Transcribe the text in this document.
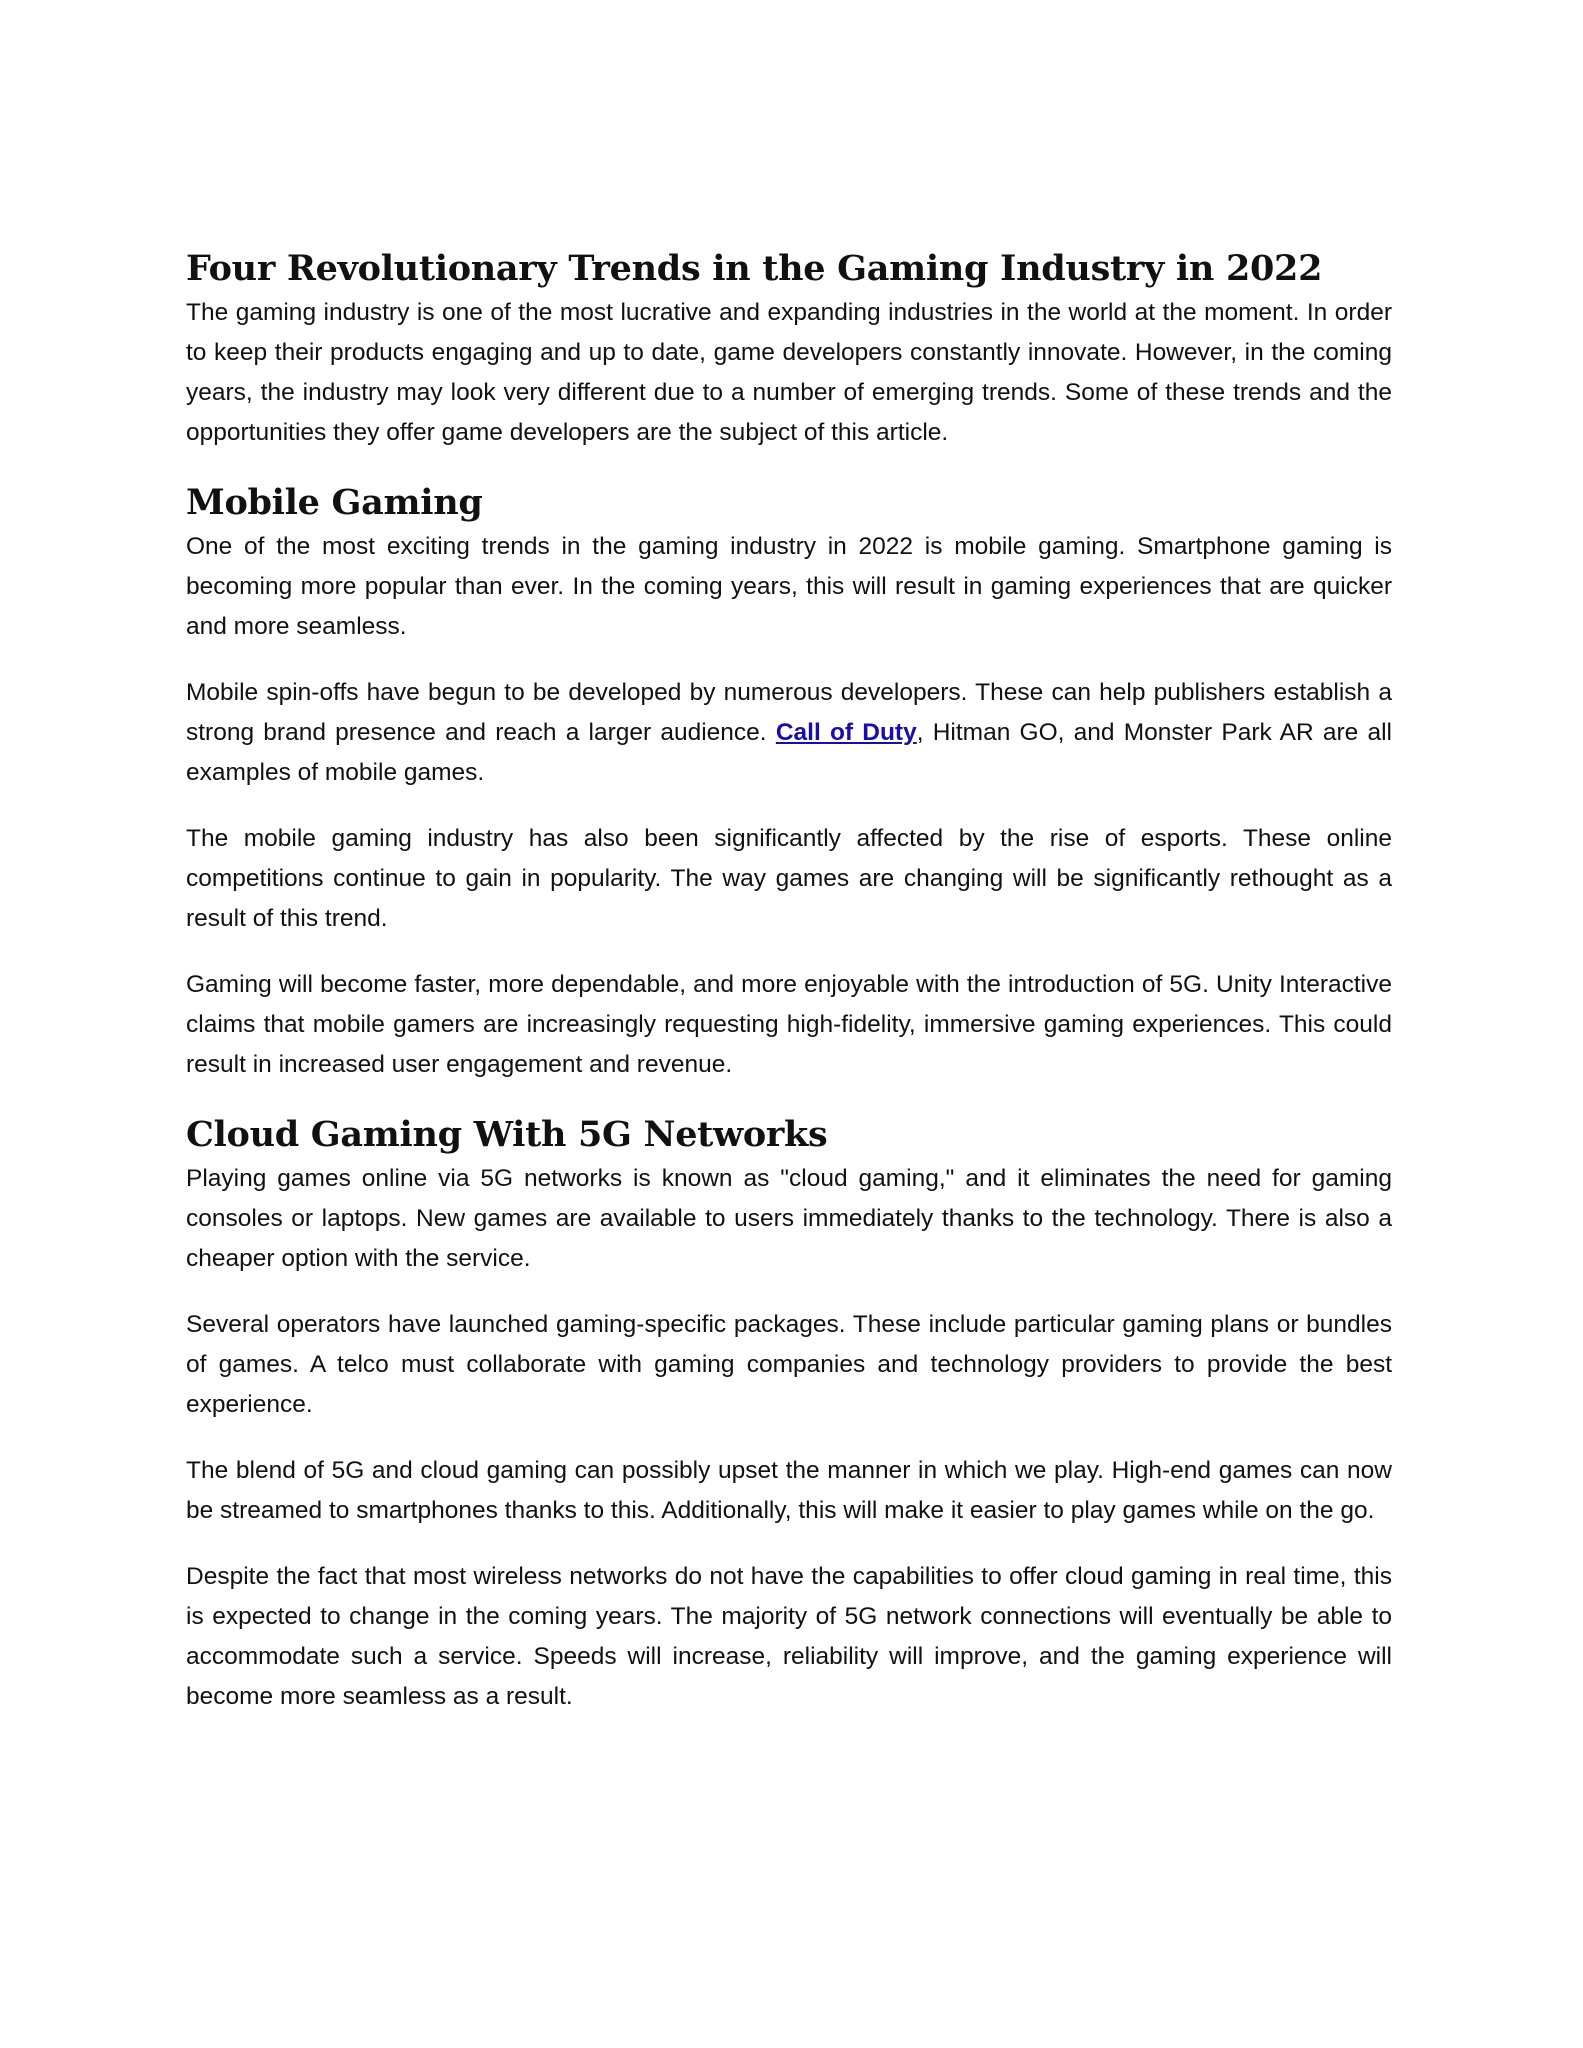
Four Revolutionary Trends in the Gaming Industry in 2022

The gaming industry is one of the most lucrative and expanding industries in the world at the moment. In order to keep their products engaging and up to date, game developers constantly innovate. However, in the coming years, the industry may look very different due to a number of emerging trends. Some of these trends and the opportunities they offer game developers are the subject of this article.

Mobile Gaming

One of the most exciting trends in the gaming industry in 2022 is mobile gaming. Smartphone gaming is becoming more popular than ever. In the coming years, this will result in gaming experiences that are quicker and more seamless.

Mobile spin-offs have begun to be developed by numerous developers. These can help publishers establish a strong brand presence and reach a larger audience. Call of Duty, Hitman GO, and Monster Park AR are all examples of mobile games.

The mobile gaming industry has also been significantly affected by the rise of esports. These online competitions continue to gain in popularity. The way games are changing will be significantly rethought as a result of this trend.

Gaming will become faster, more dependable, and more enjoyable with the introduction of 5G. Unity Interactive claims that mobile gamers are increasingly requesting high-fidelity, immersive gaming experiences. This could result in increased user engagement and revenue.

Cloud Gaming With 5G Networks

Playing games online via 5G networks is known as "cloud gaming," and it eliminates the need for gaming consoles or laptops. New games are available to users immediately thanks to the technology. There is also a cheaper option with the service.

Several operators have launched gaming-specific packages. These include particular gaming plans or bundles of games. A telco must collaborate with gaming companies and technology providers to provide the best experience.

The blend of 5G and cloud gaming can possibly upset the manner in which we play. High-end games can now be streamed to smartphones thanks to this. Additionally, this will make it easier to play games while on the go.

Despite the fact that most wireless networks do not have the capabilities to offer cloud gaming in real time, this is expected to change in the coming years. The majority of 5G network connections will eventually be able to accommodate such a service. Speeds will increase, reliability will improve, and the gaming experience will become more seamless as a result.
